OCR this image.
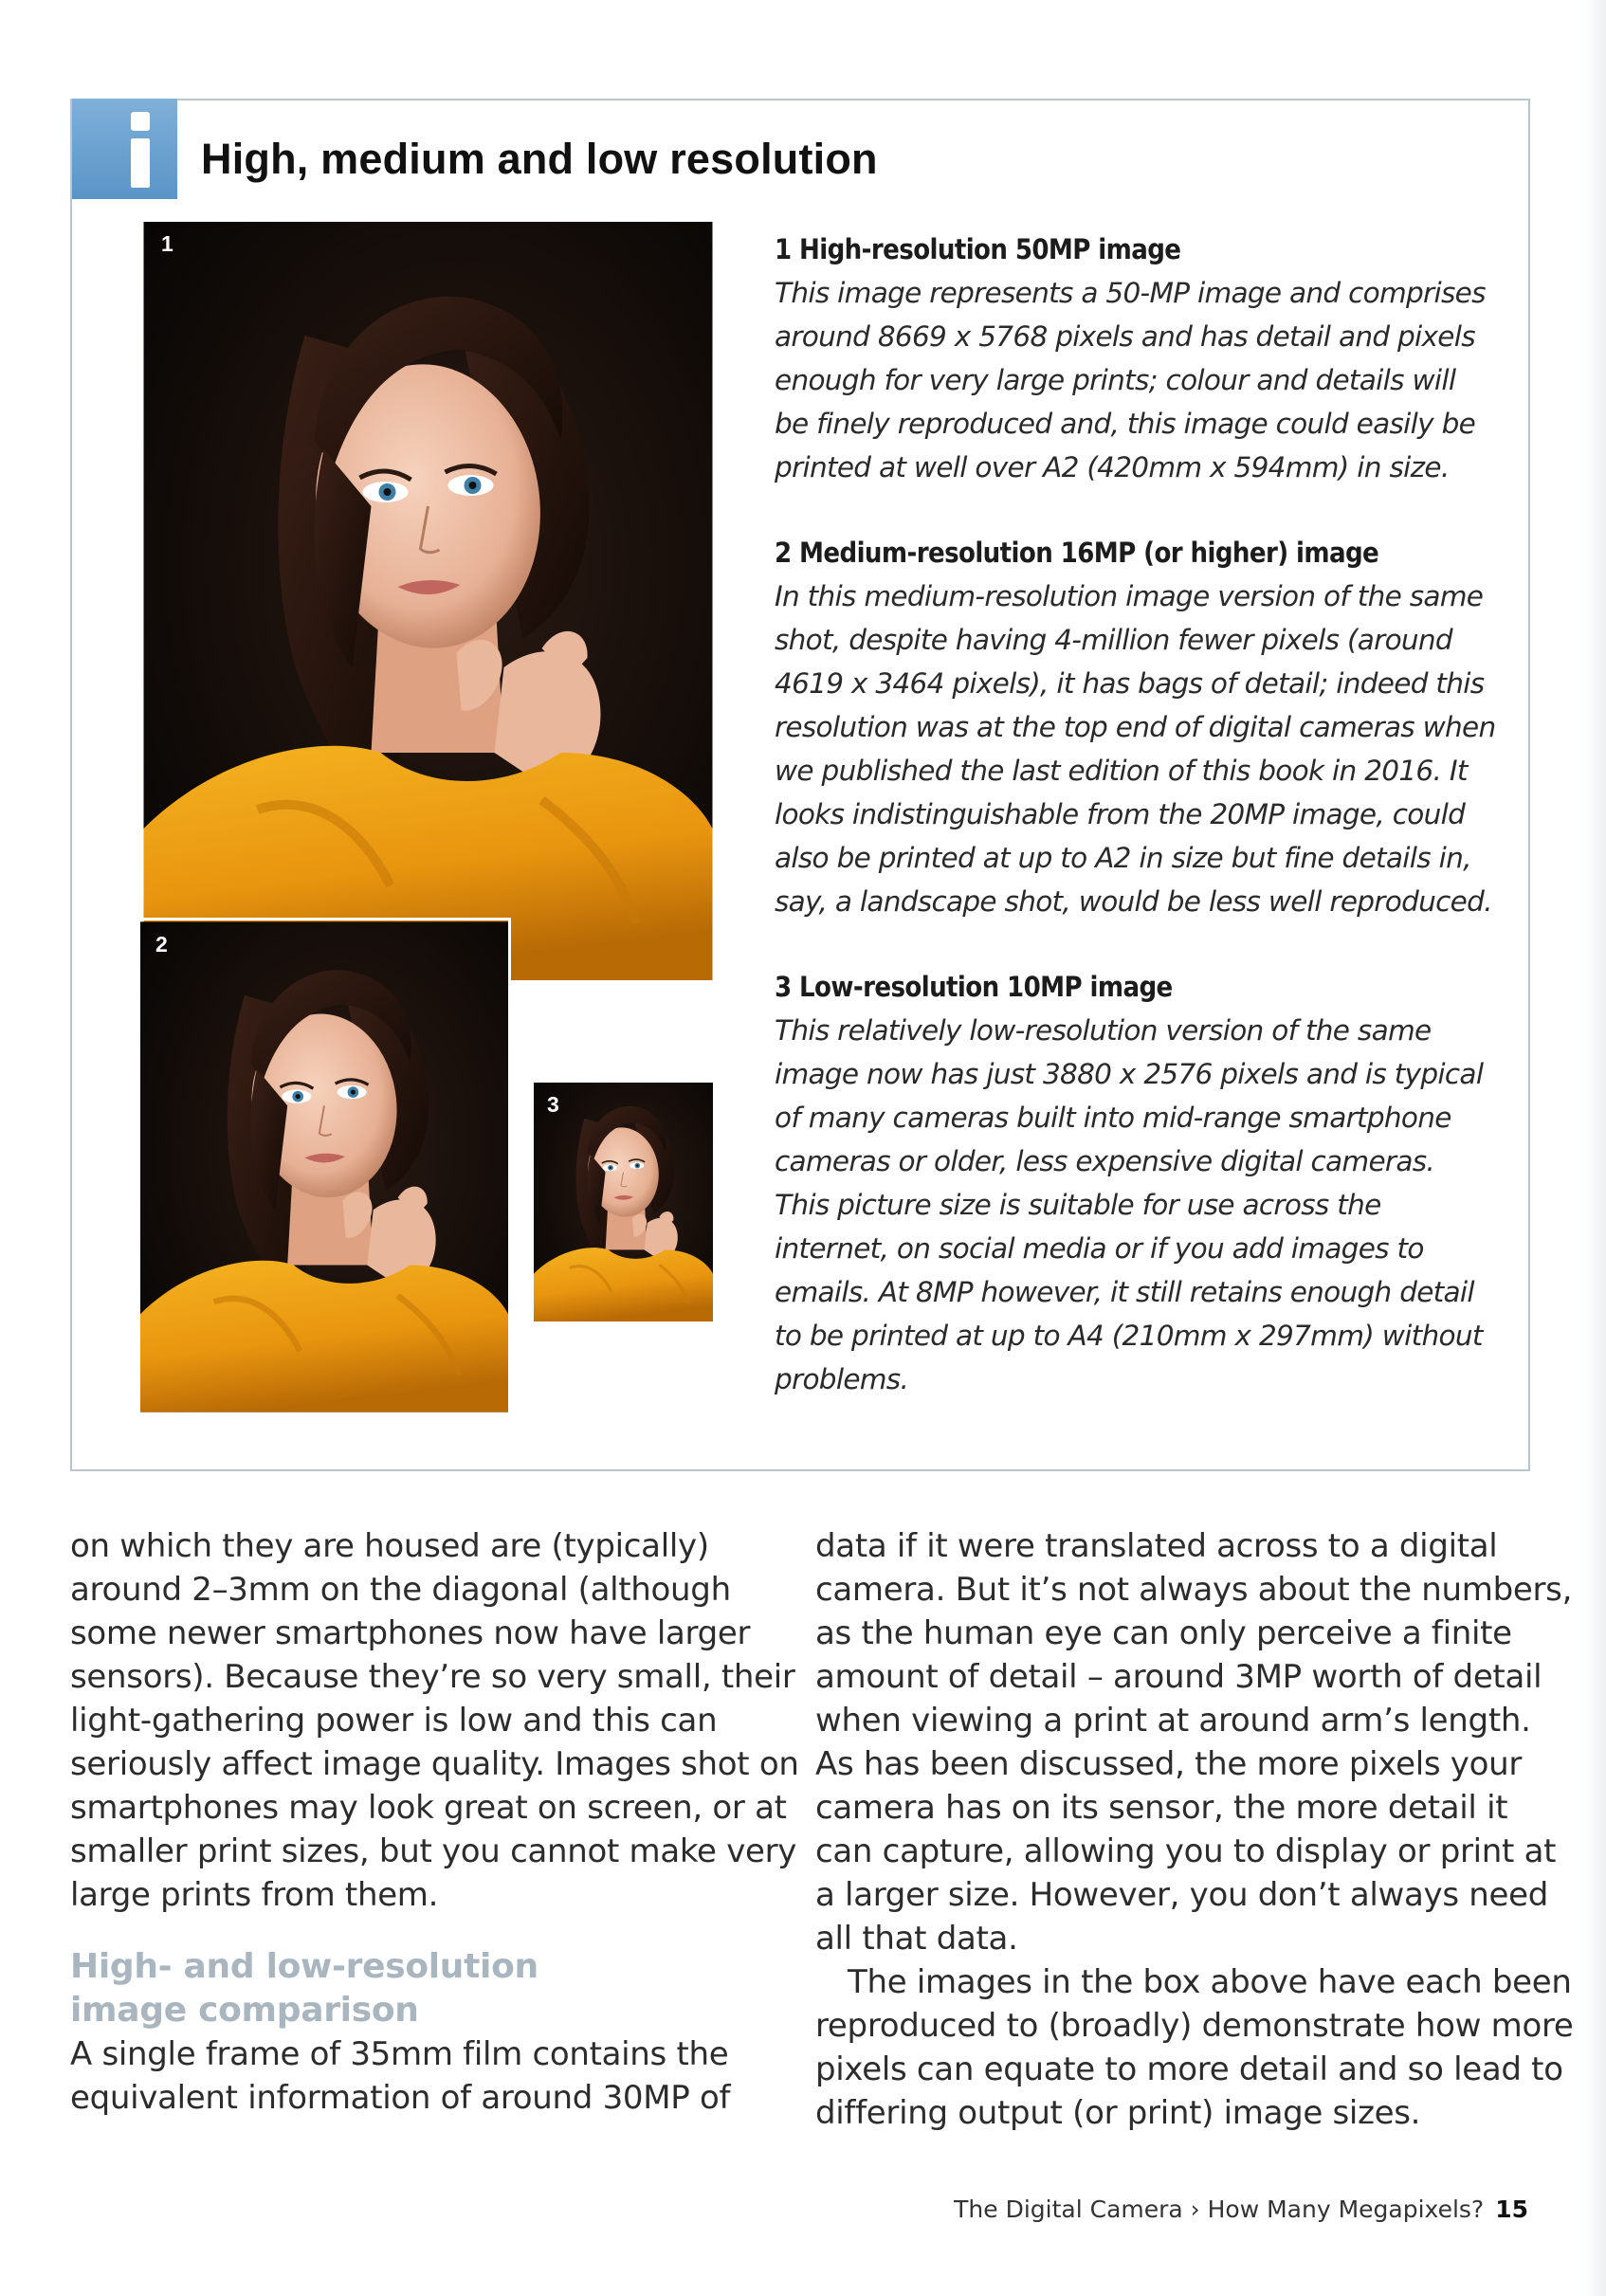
High, medium and low resolution
1
2
3
1 High-resolution 50MP image
This image represents a 50-MP image and comprises
around 8669 x 5768 pixels and has detail and pixels
enough for very large prints; colour and details will
be finely reproduced and, this image could easily be
printed at well over A2 (420mm x 594mm) in size.
2 Medium-resolution 16MP (or higher) image
In this medium-resolution image version of the same
shot, despite having 4-million fewer pixels (around
4619 x 3464 pixels), it has bags of detail; indeed this
resolution was at the top end of digital cameras when
we published the last edition of this book in 2016. It
looks indistinguishable from the 20MP image, could
also be printed at up to A2 in size but fine details in,
say, a landscape shot, would be less well reproduced.
3 Low-resolution 10MP image
This relatively low-resolution version of the same
image now has just 3880 x 2576 pixels and is typical
of many cameras built into mid-range smartphone
cameras or older, less expensive digital cameras.
This picture size is suitable for use across the
internet, on social media or if you add images to
emails. At 8MP however, it still retains enough detail
to be printed at up to A4 (210mm x 297mm) without
problems.
on which they are housed are (typically)
around 2–3mm on the diagonal (although
some newer smartphones now have larger
sensors). Because they’re so very small, their
light-gathering power is low and this can
seriously affect image quality. Images shot on
smartphones may look great on screen, or at
smaller print sizes, but you cannot make very
large prints from them.
High- and low-resolution
image comparison
A single frame of 35mm film contains the
equivalent information of around 30MP of
data if it were translated across to a digital
camera. But it’s not always about the numbers,
as the human eye can only perceive a finite
amount of detail – around 3MP worth of detail
when viewing a print at around arm’s length.
As has been discussed, the more pixels your
camera has on its sensor, the more detail it
can capture, allowing you to display or print at
a larger size. However, you don’t always need
all that data.
The images in the box above have each been
reproduced to (broadly) demonstrate how more
pixels can equate to more detail and so lead to
differing output (or print) image sizes.
The Digital Camera › How Many Megapixels? 15
